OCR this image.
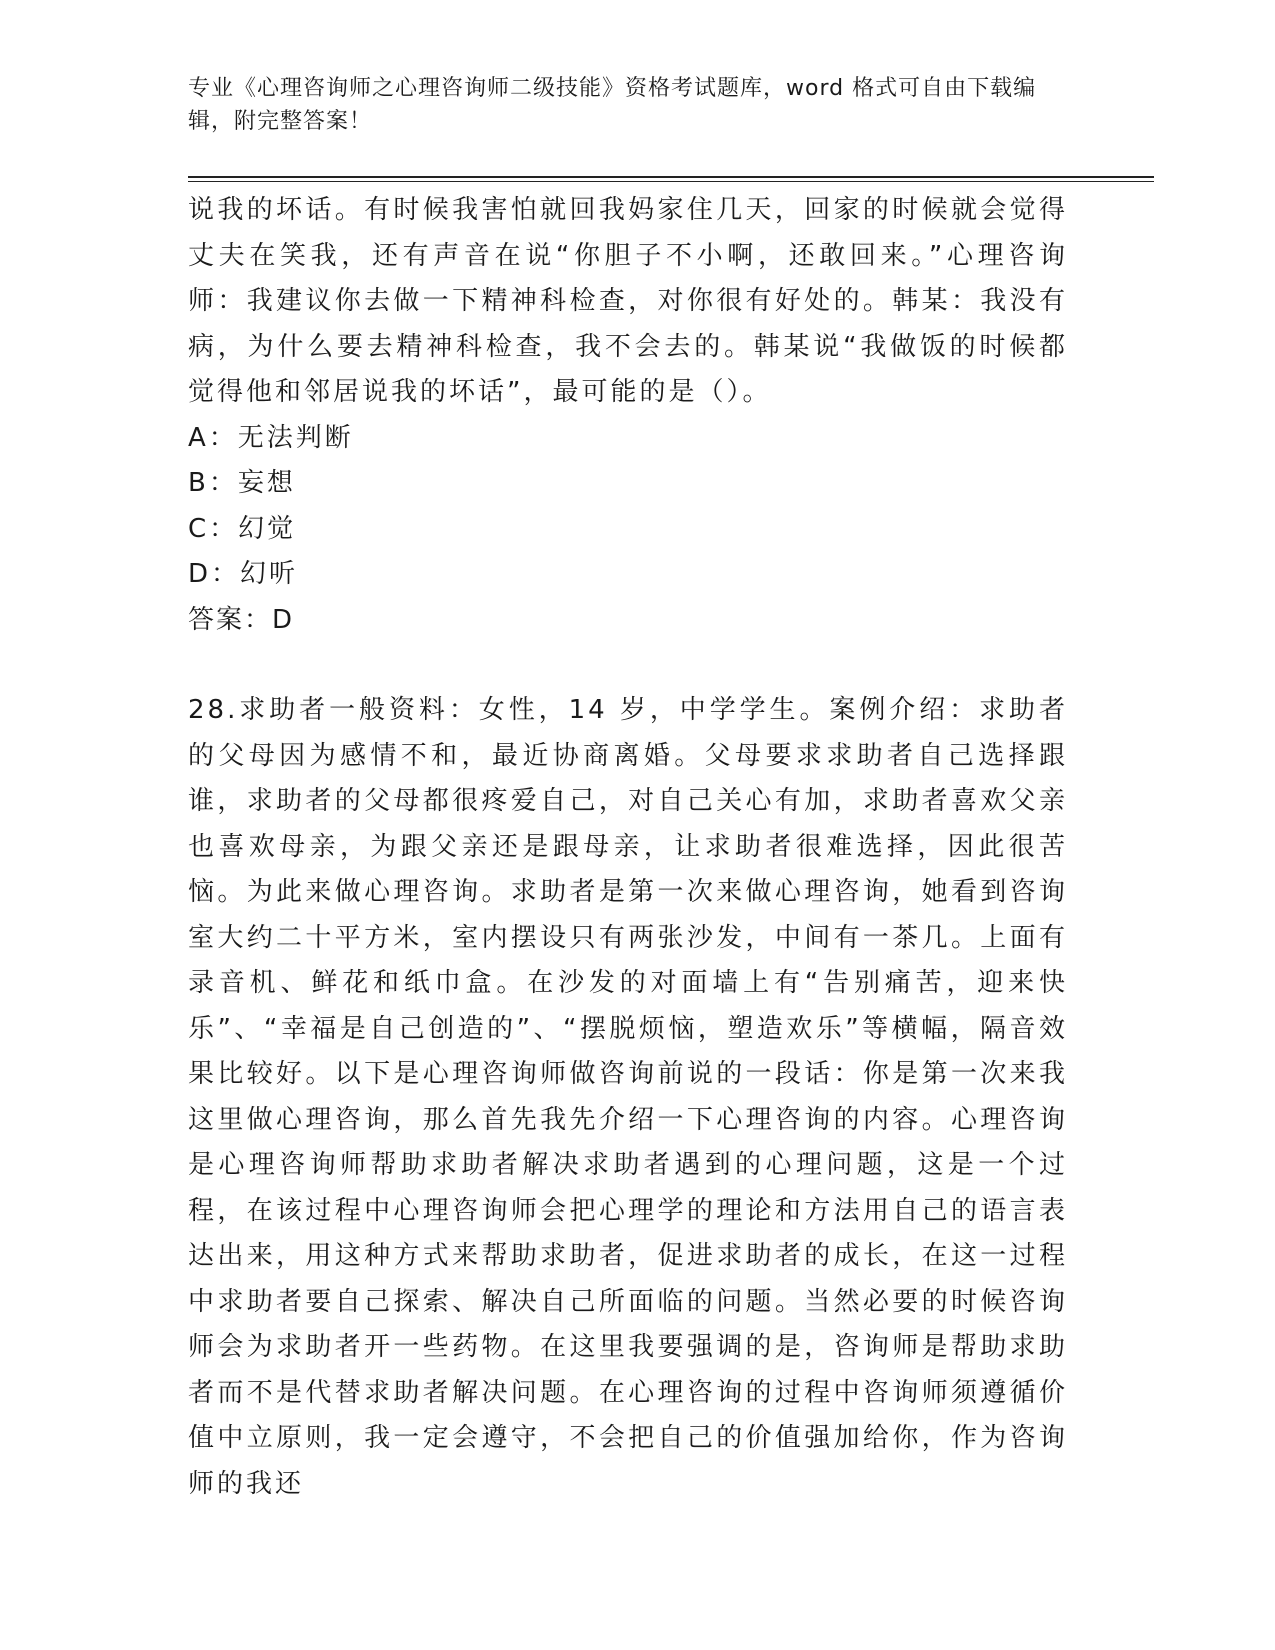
专业《心理咨询师之心理咨询师二级技能》资格考试题库，word 格式可自由下载编辑，附完整答案！

说我的坏话。有时候我害怕就回我妈家住几天，回家的时候就会觉得丈夫在笑我，还有声音在说“你胆子不小啊，还敢回来。”心理咨询师：我建议你去做一下精神科检查，对你很有好处的。韩某：我没有病，为什么要去精神科检查，我不会去的。韩某说“我做饭的时候都觉得他和邻居说我的坏话”，最可能的是（）。

A：无法判断
B：妄想
C：幻觉
D：幻听

答案：D

28.求助者一般资料：女性，14 岁，中学学生。案例介绍：求助者的父母因为感情不和，最近协商离婚。父母要求求助者自己选择跟谁，求助者的父母都很疼爱自己，对自己关心有加，求助者喜欢父亲也喜欢母亲，为跟父亲还是跟母亲，让求助者很难选择，因此很苦恼。为此来做心理咨询。求助者是第一次来做心理咨询，她看到咨询室大约二十平方米，室内摆设只有两张沙发，中间有一茶几。上面有录音机、鲜花和纸巾盒。在沙发的对面墙上有“告别痛苦，迎来快乐”、“幸福是自己创造的”、“摆脱烦恼，塑造欢乐”等横幅，隔音效果比较好。以下是心理咨询师做咨询前说的一段话：你是第一次来我这里做心理咨询，那么首先我先介绍一下心理咨询的内容。心理咨询是心理咨询师帮助求助者解决求助者遇到的心理问题，这是一个过程，在该过程中心理咨询师会把心理学的理论和方法用自己的语言表达出来，用这种方式来帮助求助者，促进求助者的成长，在这一过程中求助者要自己探索、解决自己所面临的问题。当然必要的时候咨询师会为求助者开一些药物。在这里我要强调的是，咨询师是帮助求助者而不是代替求助者解决问题。在心理咨询的过程中咨询师须遵循价值中立原则，我一定会遵守，不会把自己的价值强加给你，作为咨询师的我还
